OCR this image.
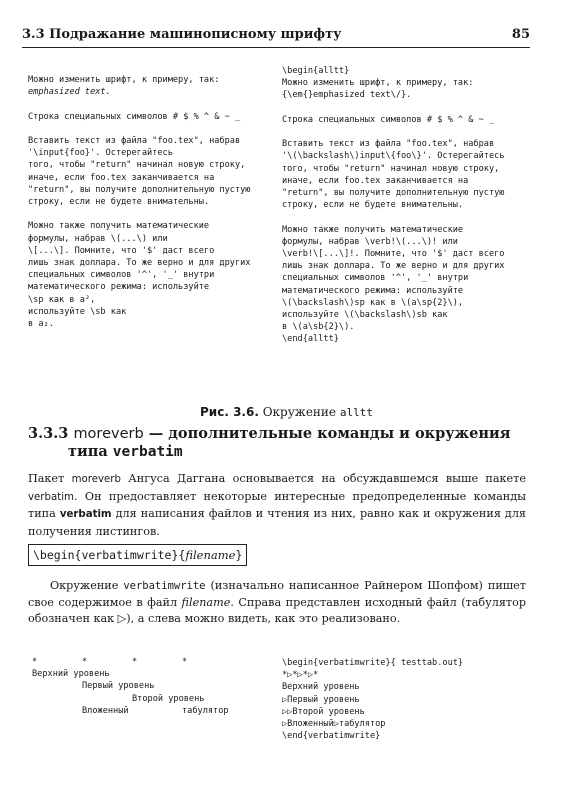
3.3 Подражание машинописному шрифту	85
Можно изменить шрифт, к примеру, так:
emphasized text.

Строка специальных символов # $ % ^ & ~ _

Вставить текст из файла "foo.tex", набрав
'\input{foo}'. Остерегайтесь
того, чтобы "return" начинал новую строку,
иначе, если foo.tex заканчивается на
"return", вы получите дополнительную пустую
строку, если не будете внимательны.

Можно также получить математические
формулы, набрав \(...\) или
\[...\]. Помните, что '$' даст всего
лишь знак доллара. То же верно и для других
специальных символов '^', '_' внутри
математического режима: используйте
\sp как в a²,
используйте \sb как
в a₂.
\begin{alltt}
Можно изменить шрифт, к примеру, так:
{\em{}emphasized text\/}.

Строка специальных символов # $ % ^ & ~ _

Вставить текст из файла "foo.tex", набрав
'\(\backslash\)input\{foo\}'. Остерегайтесь
того, чтобы "return" начинал новую строку,
иначе, если foo.tex заканчивается на
"return", вы получите дополнительную пустую
строку, если не будете внимательны.

Можно также получить математические
формулы, набрав \verb!\(...\)! или
\verb!\[...\]!. Помните, что '$' даст всего
лишь знак доллара. То же верно и для других
специальных символов '^', '_' внутри
математического режима: используйте
\(\backslash\)sp как в \(a\sp{2}\),
используйте \(\backslash\)sb как
в \(a\sb{2}\).
\end{alltt}
Рис. 3.6. Окружение alltt
3.3.3 moreverb — дополнительные команды и окружения
типа verbatim

Пакет moreverb Ангуса Даггана основывается на обсуждавшемся выше пакете verbatim. Он предоставляет некоторые интересные предопределенные команды типа verbatim для написания файлов и чтения из них, равно как и окружения для получения листингов.

\begin{verbatimwrite}{filename}

Окружение verbatimwrite (изначально написанное Райнером Шопфом) пишет свое содержимое в файл filename. Справа представлен исходный файл (табулятор обозначен как ▷), а слева можно видеть, как это реализовано.

*	*	*	*
Верхний уровень
Первый уровень
Второй уровень
Вложенный	табулятор
\begin{verbatimwrite}{ testtab.out}
*▷*▷*▷*
Верхний уровень
▷Первый уровень
▷▷Второй уровень
▷Вложенный▷табулятор
\end{verbatimwrite}
